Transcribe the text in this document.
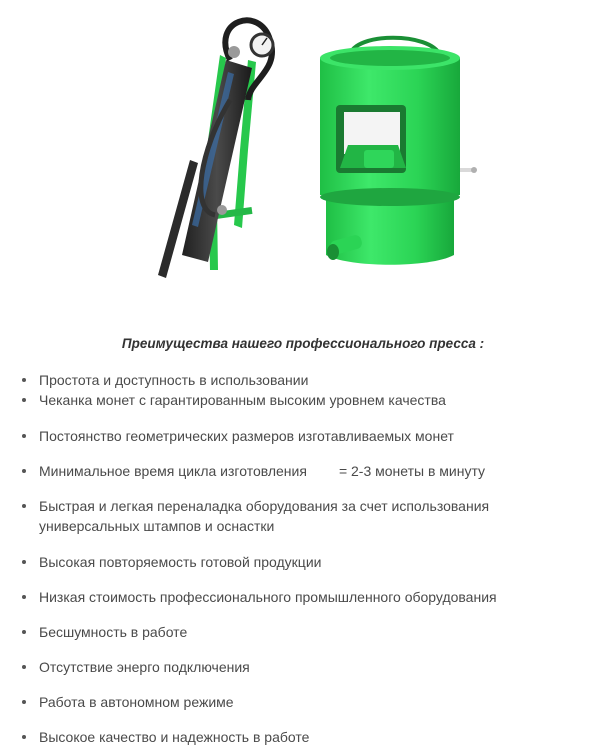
Преимущества нашего профессионального пресса :
Простота и доступность в использовании
Чеканка монет с гарантированным высоким уровнем качества
Постоянство геометрических размеров изготавливаемых монет
Минимальное время цикла изготовления = 2-3 монеты в минуту
Быстрая и легкая переналадка оборудования за счет использования
универсальных штампов и оснастки
Высокая повторяемость готовой продукции
Низкая стоимость профессионального промышленного оборудования
Бесшумность в работе
Отсутствие энерго подключения
Работа в автономном режиме
Высокое качество и надежность в работе
